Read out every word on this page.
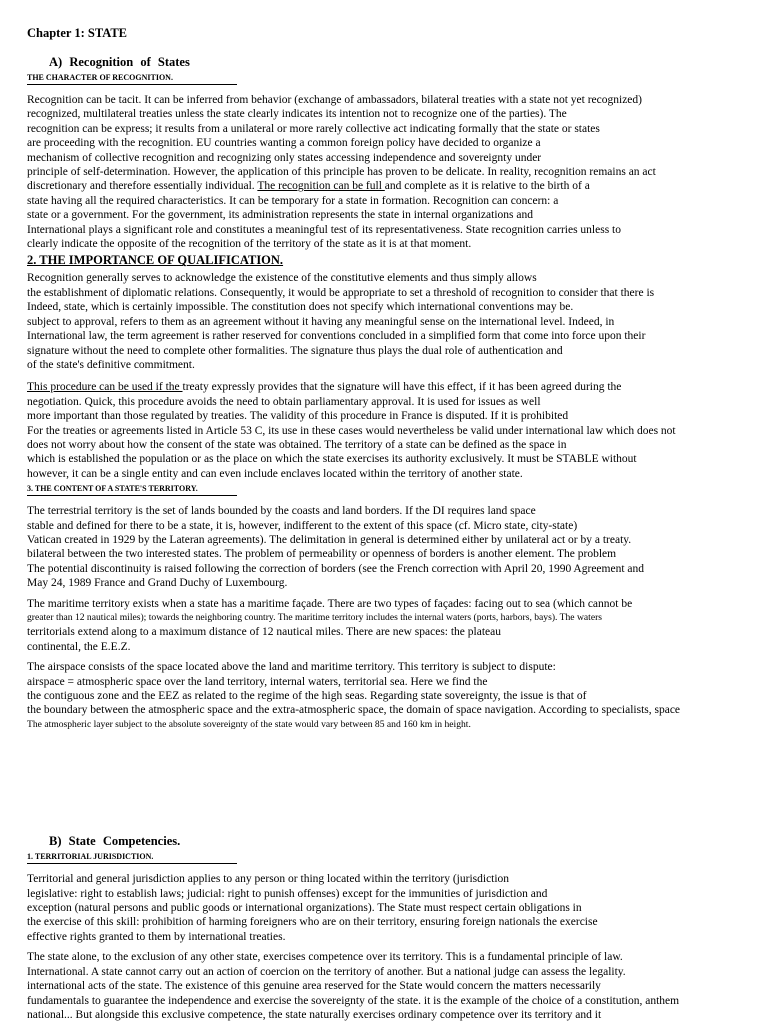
Chapter 1: STATE

A) Recognition of States

THE CHARACTER OF RECOGNITION.
Recognition can be tacit. It can be inferred from behavior (exchange of ambassadors, bilateral treaties with a state not yet recognized)
recognized, multilateral treaties unless the state clearly indicates its intention not to recognize one of the parties). The
recognition can be express; it results from a unilateral or more rarely collective act indicating formally that the state or states
are proceeding with the recognition. EU countries wanting a common foreign policy have decided to organize a
mechanism of collective recognition and recognizing only states accessing independence and sovereignty under
principle of self-determination. However, the application of this principle has proven to be delicate. In reality, recognition remains an act
discretionary and therefore essentially individual. The recognition can be full and complete as it is relative to the birth of a
state having all the required characteristics. It can be temporary for a state in formation. Recognition can concern: a
state or a government. For the government, its administration represents the state in internal organizations and
International plays a significant role and constitutes a meaningful test of its representativeness. State recognition carries unless to
clearly indicate the opposite of the recognition of the territory of the state as it is at that moment.

2. THE IMPORTANCE OF QUALIFICATION.

Recognition generally serves to acknowledge the existence of the constitutive elements and thus simply allows
the establishment of diplomatic relations. Consequently, it would be appropriate to set a threshold of recognition to consider that there is
Indeed, state, which is certainly impossible. The constitution does not specify which international conventions may be.
subject to approval, refers to them as an agreement without it having any meaningful sense on the international level. Indeed, in
International law, the term agreement is rather reserved for conventions concluded in a simplified form that come into force upon their
signature without the need to complete other formalities. The signature thus plays the dual role of authentication and
of the state's definitive commitment.
This procedure can be used if the treaty expressly provides that the signature will have this effect, if it has been agreed during the
negotiation. Quick, this procedure avoids the need to obtain parliamentary approval. It is used for issues as well
more important than those regulated by treaties. The validity of this procedure in France is disputed. If it is prohibited
For the treaties or agreements listed in Article 53 C, its use in these cases would nevertheless be valid under international law which does not
does not worry about how the consent of the state was obtained. The territory of a state can be defined as the space in
which is established the population or as the place on which the state exercises its authority exclusively. It must be STABLE without
however, it can be a single entity and can even include enclaves located within the territory of another state.
3. THE CONTENT OF A STATE'S TERRITORY.
The terrestrial territory is the set of lands bounded by the coasts and land borders. If the DI requires land space
stable and defined for there to be a state, it is, however, indifferent to the extent of this space (cf. Micro state, city-state)
Vatican created in 1929 by the Lateran agreements). The delimitation in general is determined either by unilateral act or by a treaty.
bilateral between the two interested states. The problem of permeability or openness of borders is another element. The problem
The potential discontinuity is raised following the correction of borders (see the French correction with April 20, 1990 Agreement and
May 24, 1989 France and Grand Duchy of Luxembourg.
The maritime territory exists when a state has a maritime façade. There are two types of façades: facing out to sea (which cannot be
greater than 12 nautical miles); towards the neighboring country. The maritime territory includes the internal waters (ports, harbors, bays). The waters
territorials extend along to a maximum distance of 12 nautical miles. There are new spaces: the plateau
continental, the E.E.Z.
The airspace consists of the space located above the land and maritime territory. This territory is subject to dispute:
airspace = atmospheric space over the land territory, internal waters, territorial sea. Here we find the
the contiguous zone and the EEZ as related to the regime of the high seas. Regarding state sovereignty, the issue is that of
the boundary between the atmospheric space and the extra-atmospheric space, the domain of space navigation. According to specialists, space
The atmospheric layer subject to the absolute sovereignty of the state would vary between 85 and 160 km in height.

B) State Competencies.

1. TERRITORIAL JURISDICTION.
Territorial and general jurisdiction applies to any person or thing located within the territory (jurisdiction
legislative: right to establish laws; judicial: right to punish offenses) except for the immunities of jurisdiction and
exception (natural persons and public goods or international organizations). The State must respect certain obligations in
the exercise of this skill: prohibition of harming foreigners who are on their territory, ensuring foreign nationals the exercise
effective rights granted to them by international treaties.
The state alone, to the exclusion of any other state, exercises competence over its territory. This is a fundamental principle of law.
International. A state cannot carry out an action of coercion on the territory of another. But a national judge can assess the legality.
international acts of the state. The existence of this genuine area reserved for the State would concern the matters necessarily
fundamentals to guarantee the independence and exercise the sovereignty of the state. it is the example of the choice of a constitution, anthem
national... But alongside this exclusive competence, the state naturally exercises ordinary competence over its territory and it
